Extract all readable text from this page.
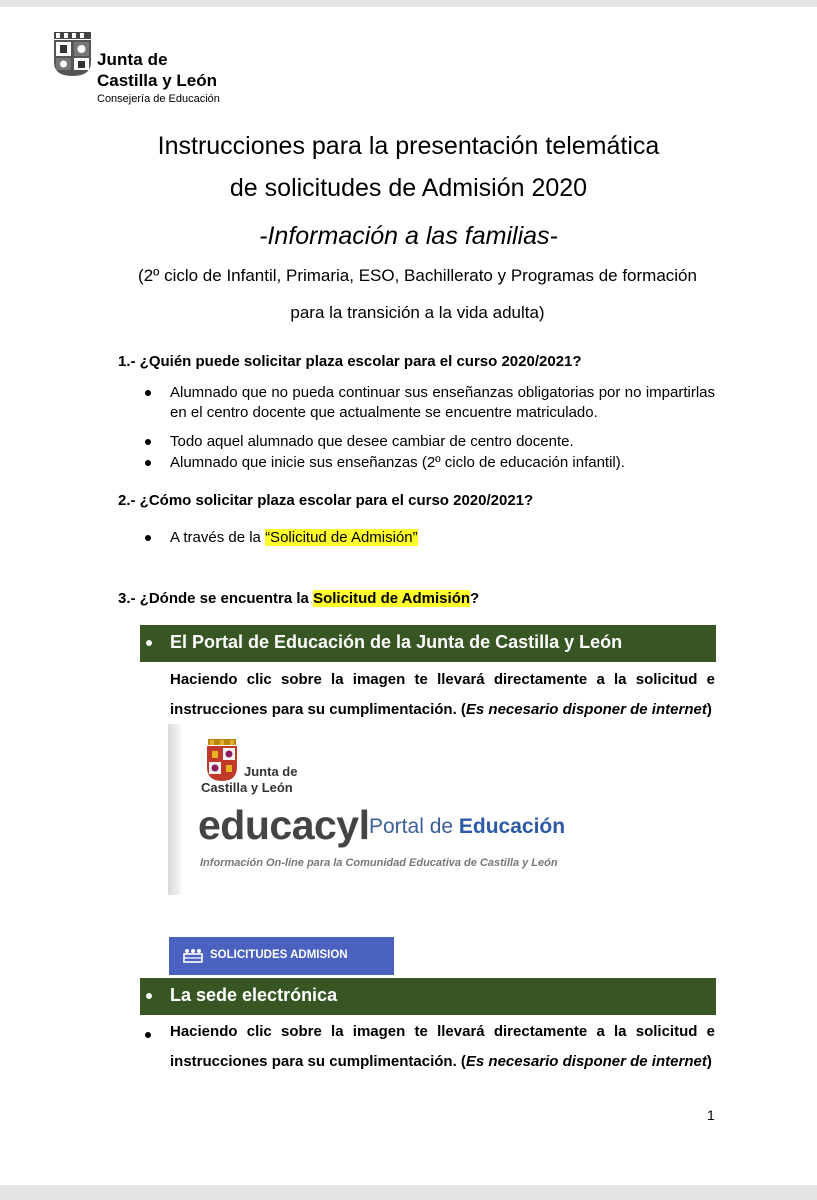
Junta de
Castilla y León
Consejería de Educación
Instrucciones para la presentación telemática
de solicitudes de Admisión 2020
-Información a las familias-
(2º ciclo de Infantil, Primaria, ESO, Bachillerato y Programas de formación
para la transición a la vida adulta)
1.- ¿Quién puede solicitar plaza escolar para el curso 2020/2021?
Alumnado que no pueda continuar sus enseñanzas obligatorias por no impartirlas en el centro docente que actualmente se encuentre matriculado.
Todo aquel alumnado que desee cambiar de centro docente.
Alumnado que inicie sus enseñanzas (2º ciclo de educación infantil).
2.- ¿Cómo solicitar plaza escolar para el curso 2020/2021?
A través de la “Solicitud de Admisión”
3.- ¿Dónde se encuentra la Solicitud de Admisión?
El Portal de Educación de la Junta de Castilla y León
Haciendo clic sobre la imagen te llevará directamente a la solicitud e
instrucciones para su cumplimentación. (Es necesario disponer de internet)
Junta de
Castilla y León
educacyl Portal de Educación
Información On-line para la Comunidad Educativa de Castilla y León
SOLICITUDES ADMISION
La sede electrónica
Haciendo clic sobre la imagen te llevará directamente a la solicitud e
instrucciones para su cumplimentación. (Es necesario disponer de internet)
1
